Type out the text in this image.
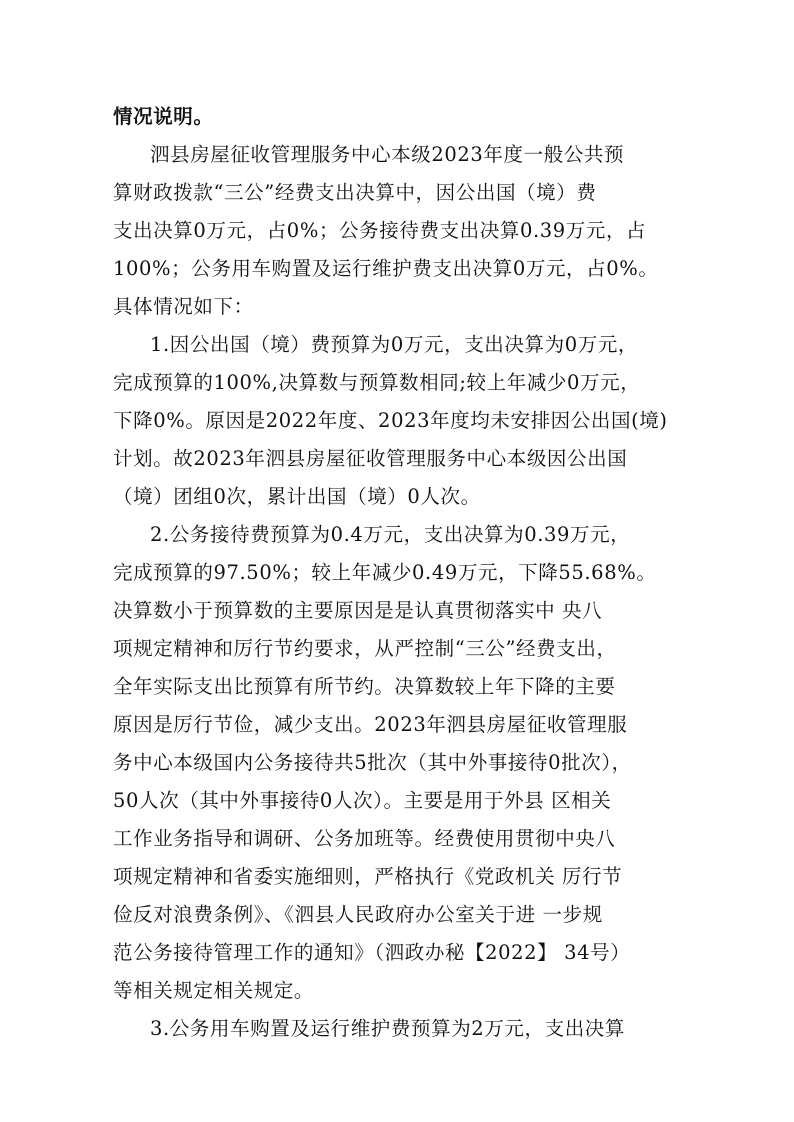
情况说明。
泗县房屋征收管理服务中心本级2023年度一般公共预
算财政拨款“三公”经费支出决算中，因公出国（境）费
支出决算0万元，占0%；公务接待费支出决算0.39万元，占
100%；公务用车购置及运行维护费支出决算0万元，占0%。
具体情况如下：
1.因公出国（境）费预算为0万元，支出决算为0万元，
完成预算的100%,决算数与预算数相同;较上年减少0万元，
下降0%。原因是2022年度、2023年度均未安排因公出国(境)
计划。故2023年泗县房屋征收管理服务中心本级因公出国
（境）团组0次，累计出国（境）0人次。
2.公务接待费预算为0.4万元，支出决算为0.39万元，
完成预算的97.50%；较上年减少0.49万元，下降55.68%。
决算数小于预算数的主要原因是是认真贯彻落实中 央八
项规定精神和厉行节约要求，从严控制“三公”经费支出，
全年实际支出比预算有所节约。决算数较上年下降的主要
原因是厉行节俭，减少支出。2023年泗县房屋征收管理服
务中心本级国内公务接待共5批次（其中外事接待0批次），
50人次（其中外事接待0人次）。主要是用于外县 区相关
工作业务指导和调研、公务加班等。经费使用贯彻中央八
项规定精神和省委实施细则，严格执行《党政机关 厉行节
俭反对浪费条例》、《泗县人民政府办公室关于进 一步规
范公务接待管理工作的通知》（泗政办秘【2022】 34号）
等相关规定相关规定。
3.公务用车购置及运行维护费预算为2万元，支出决算
